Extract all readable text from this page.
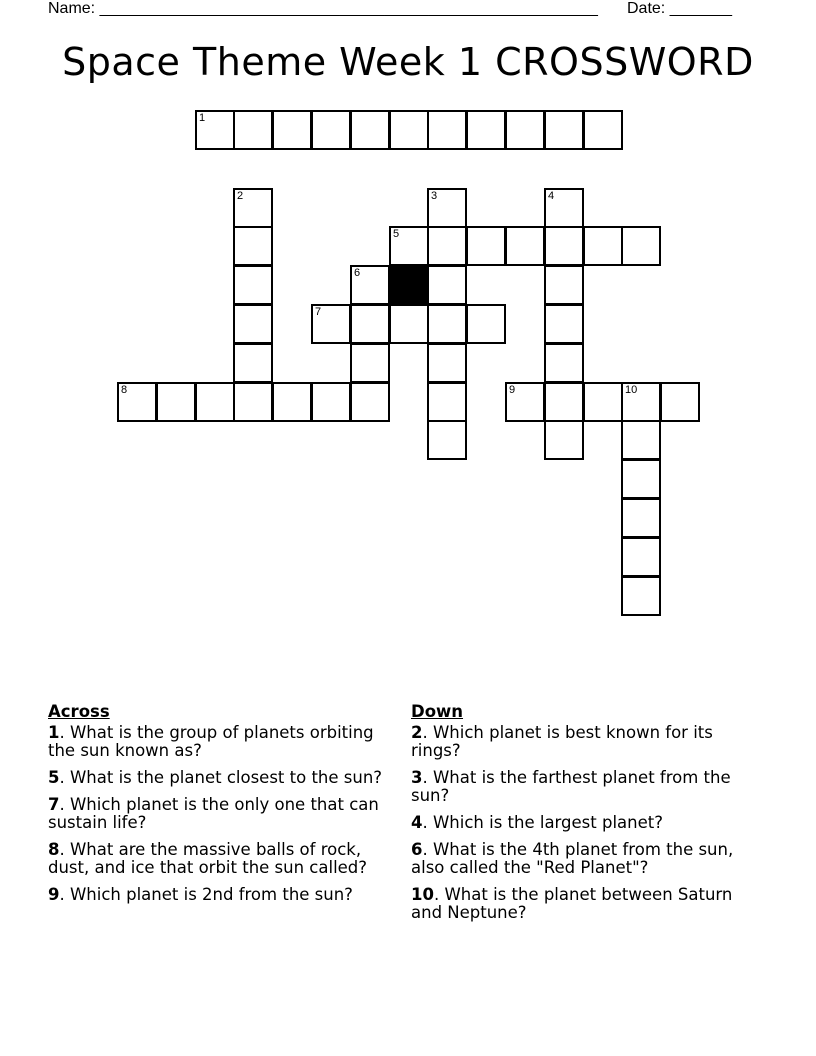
Name: ________________________________________________________ Date: _______
Space Theme Week 1 CROSSWORD
1
5
7
8	9	10
2	3	4
6
Across
1. What is the group of planets orbiting the sun known as?
5. What is the planet closest to the sun?
7. Which planet is the only one that can sustain life?
8. What are the massive balls of rock, dust, and ice that orbit the sun called?
9. Which planet is 2nd from the sun?
Down
2. Which planet is best known for its rings?
3. What is the farthest planet from the sun?
4. Which is the largest planet?
6. What is the 4th planet from the sun, also called the "Red Planet"?
10. What is the planet between Saturn and Neptune?
